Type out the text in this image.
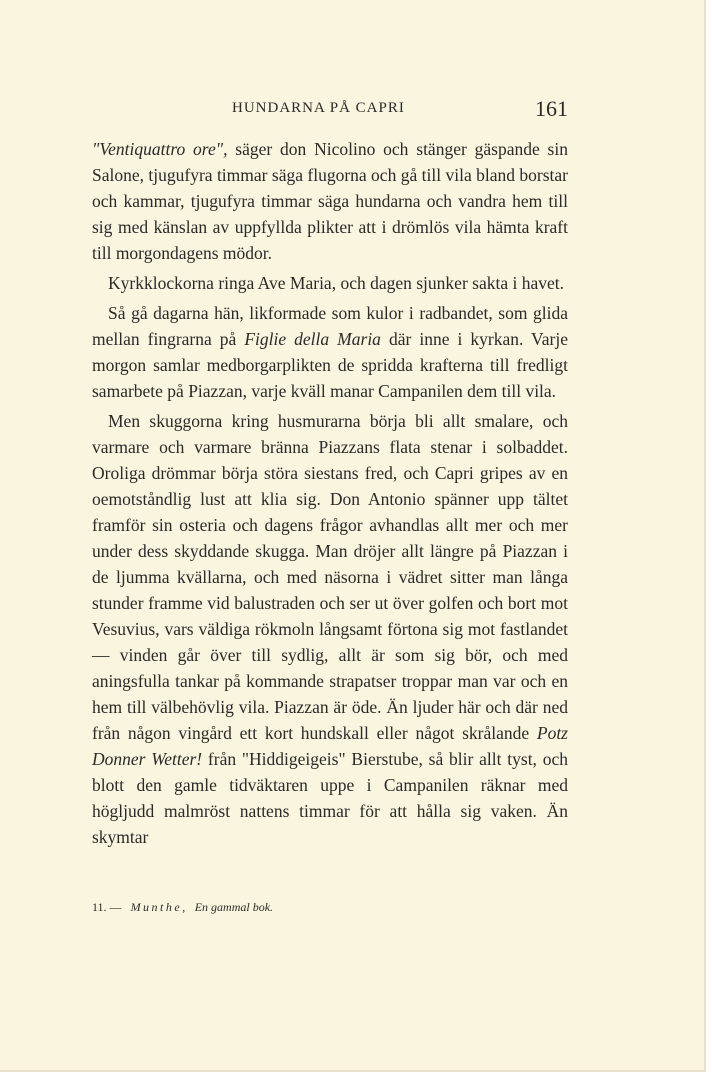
HUNDARNA PÅ CAPRI	161

"Ventiquattro ore", säger don Nicolino och stänger gäspande sin Salone, tjugufyra timmar säga flugorna och gå till vila bland borstar och kammar, tjugufyra timmar säga hundarna och vandra hem till sig med känslan av uppfyllda plikter att i drömlös vila hämta kraft till morgondagens mödor.

Kyrkklockorna ringa Ave Maria, och dagen sjunker sakta i havet.

Så gå dagarna hän, likformade som kulor i radbandet, som glida mellan fingrarna på Figlie della Maria där inne i kyrkan. Varje morgon samlar medborgarplikten de spridda krafterna till fredligt samarbete på Piazzan, varje kväll manar Campanilen dem till vila.

Men skuggorna kring husmurarna börja bli allt smalare, och varmare och varmare bränna Piazzans flata stenar i solbaddet. Oroliga drömmar börja störa siestans fred, och Capri gripes av en oemotståndlig lust att klia sig. Don Antonio spänner upp tältet framför sin osteria och dagens frågor avhandlas allt mer och mer under dess skyddande skugga. Man dröjer allt längre på Piazzan i de ljumma kvällarna, och med näsorna i vädret sitter man långa stunder framme vid balustraden och ser ut över golfen och bort mot Vesuvius, vars väldiga rökmoln långsamt förtona sig mot fastlandet — vinden går över till sydlig, allt är som sig bör, och med aningsfulla tankar på kommande strapatser troppar man var och en hem till välbehövlig vila. Piazzan är öde. Än ljuder här och där ned från någon vingård ett kort hundskall eller något skrålande Potz Donner Wetter! från "Hiddigeigeis" Bierstube, så blir allt tyst, och blott den gamle tidväktaren uppe i Campanilen räknar med högljudd malmröst nattens timmar för att hålla sig vaken. Än skymtar

11. — Munthe, En gammal bok.
